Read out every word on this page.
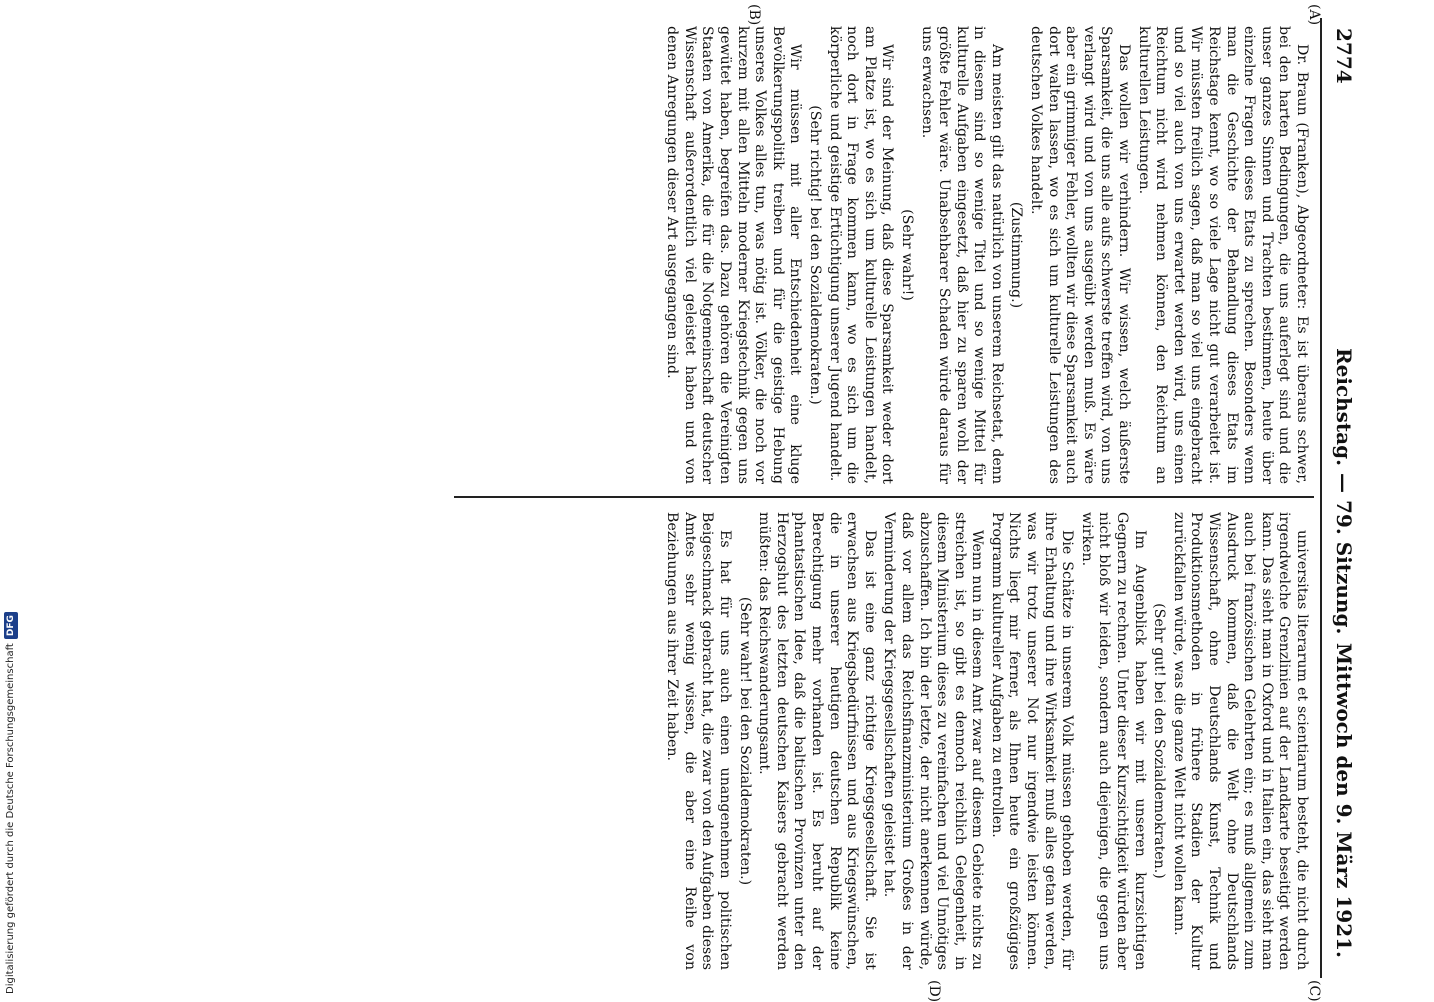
Digitalisierung gefördert durch die Deutsche ForschungsgemeinschaftDFG
2774
Reichstag. — 79. Sitzung.
Mittwoch den 9. März 1921.
(A)
(B)
(C)
(D)

Dr. Braun (Franken), Abgeordneter: Es ist überaus schwer, bei den harten Bedingungen, die uns auferlegt sind und die unser ganzes Sinnen und Trachten bestimmen, heute über einzelne Fragen dieses Etats zu sprechen. Besonders wenn man die Geschichte der Behandlung dieses Etats im Reichstage kennt, wo so viele Lage nicht gut verarbeitet ist. Wir müssten freilich sagen, daß man so viel uns eingebracht und so viel auch von uns erwartet werden wird, uns einen Reichtum nicht wird nehmen können, den Reichtum an kulturellen Leistungen.

Das wollen wir verhindern. Wir wissen, welch äußerste Sparsamkeit, die uns alle aufs schwerste treffen wird, von uns verlangt wird und von uns ausgeübt werden muß. Es wäre aber ein grimmiger Fehler, wollten wir diese Sparsamkeit auch dort walten lassen, wo es sich um kulturelle Leistungen des deutschen Volkes handelt.

(Zustimmung.)

Am meisten gilt das natürlich von unserem Reichsetat, denn in diesem sind so wenige Titel und so wenige Mittel für kulturelle Aufgaben eingesetzt, daß hier zu sparen wohl der größte Fehler wäre. Unabsehbarer Schaden würde daraus für uns erwachsen.

(Sehr wahr!)

Wir sind der Meinung, daß diese Sparsamkeit weder dort am Platze ist, wo es sich um kulturelle Leistungen handelt, noch dort in Frage kommen kann, wo es sich um die körperliche und geistige Ertüchtigung unserer Jugend handelt.

(Sehr richtig! bei den Sozialdemokraten.)

Wir müssen mit aller Entschiedenheit eine kluge Bevölkerungspolitik treiben und für die geistige Hebung unseres Volkes alles tun, was nötig ist. Völker, die noch vor kurzem mit allen Mitteln moderner Kriegstechnik gegen uns gewütet haben, begreifen das. Dazu gehören die Vereinigten Staaten von Amerika, die für die Notgemeinschaft deutscher Wissenschaft außerordentlich viel geleistet haben und von denen Anregungen dieser Art ausgegangen sind.

universitas literarum et scientiarum besteht, die nicht durch irgendwelche Grenzlinien auf der Landkarte beseitigt werden kann. Das sieht man in Oxford und in Italien ein, das sieht man auch bei französischen Gelehrten ein; es muß allgemein zum Ausdruck kommen, daß die Welt ohne Deutschlands Wissenschaft, ohne Deutschlands Kunst, Technik und Produktionsmethoden in frühere Stadien der Kultur zurückfallen würde, was die ganze Welt nicht wollen kann.

(Sehr gut! bei den Sozialdemokraten.)

Im Augenblick haben wir mit unseren kurzsichtigen Gegnern zu rechnen. Unter dieser Kurzsichtigkeit würden aber nicht bloß wir leiden, sondern auch diejenigen, die gegen uns wirken.

Die Schätze in unserem Volk müssen gehoben werden, für ihre Erhaltung und ihre Wirksamkeit muß alles getan werden, was wir trotz unserer Not nur irgendwie leisten können. Nichts liegt mir ferner, als Ihnen heute ein großzügiges Programm kultureller Aufgaben zu entrollen.

Wenn nun in diesem Amt zwar auf diesem Gebiete nichts zu streichen ist, so gibt es dennoch reichlich Gelegenheit, in diesem Ministerium dieses zu vereinfachen und viel Unnötiges abzuschaffen. Ich bin der letzte, der nicht anerkennen würde, daß vor allem das Reichsfinanzministerium Großes in der Verminderung der Kriegsgesellschaften geleistet hat.

Das ist eine ganz richtige Kriegsgesellschaft. Sie ist erwachsen aus Kriegsbedürfnissen und aus Kriegswünschen, die in unserer heutigen deutschen Republik keine Berechtigung mehr vorhanden ist. Es beruht auf der phantastischen Idee, daß die baltischen Provinzen unter den Herzogshut des letzten deutschen Kaisers gebracht werden müßten: das Reichswanderungsamt.

(Sehr wahr! bei den Sozialdemokraten.)

Es hat für uns auch einen unangenehmen politischen Beigeschmack gebracht hat, die zwar von den Aufgaben dieses Amtes sehr wenig wissen, die aber eine Reihe von Beziehungen aus ihrer Zeit haben.
